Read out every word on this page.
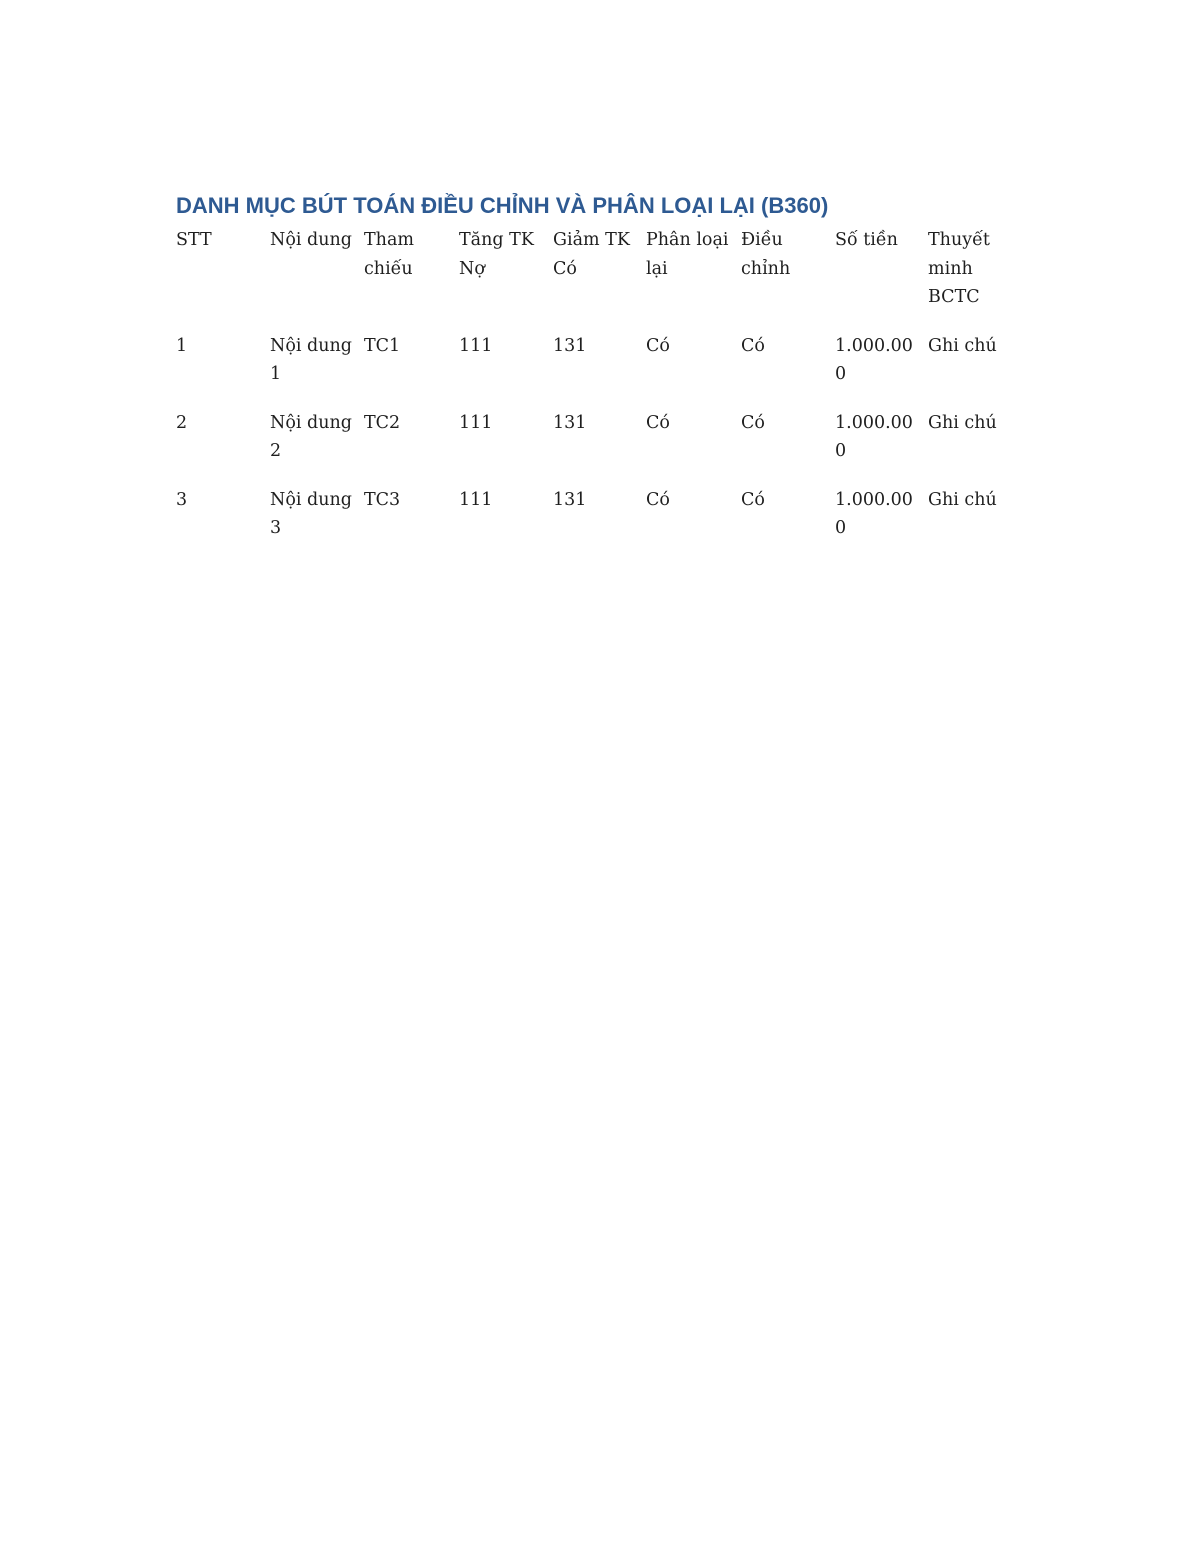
DANH MỤC BÚT TOÁN ĐIỀU CHỈNH VÀ PHÂN LOẠI LẠI (B360)
STT	Nội dung	Tham chiếu	Tăng TK Nợ	Giảm TK Có	Phân loại lại	Điều chỉnh	Số tiền	Thuyết minh BCTC

1	Nội dung 1	TC1	111	131	Có	Có	1.000.000	Ghi chú

2	Nội dung 2	TC2	111	131	Có	Có	1.000.000	Ghi chú

3	Nội dung 3	TC3	111	131	Có	Có	1.000.000	Ghi chú
